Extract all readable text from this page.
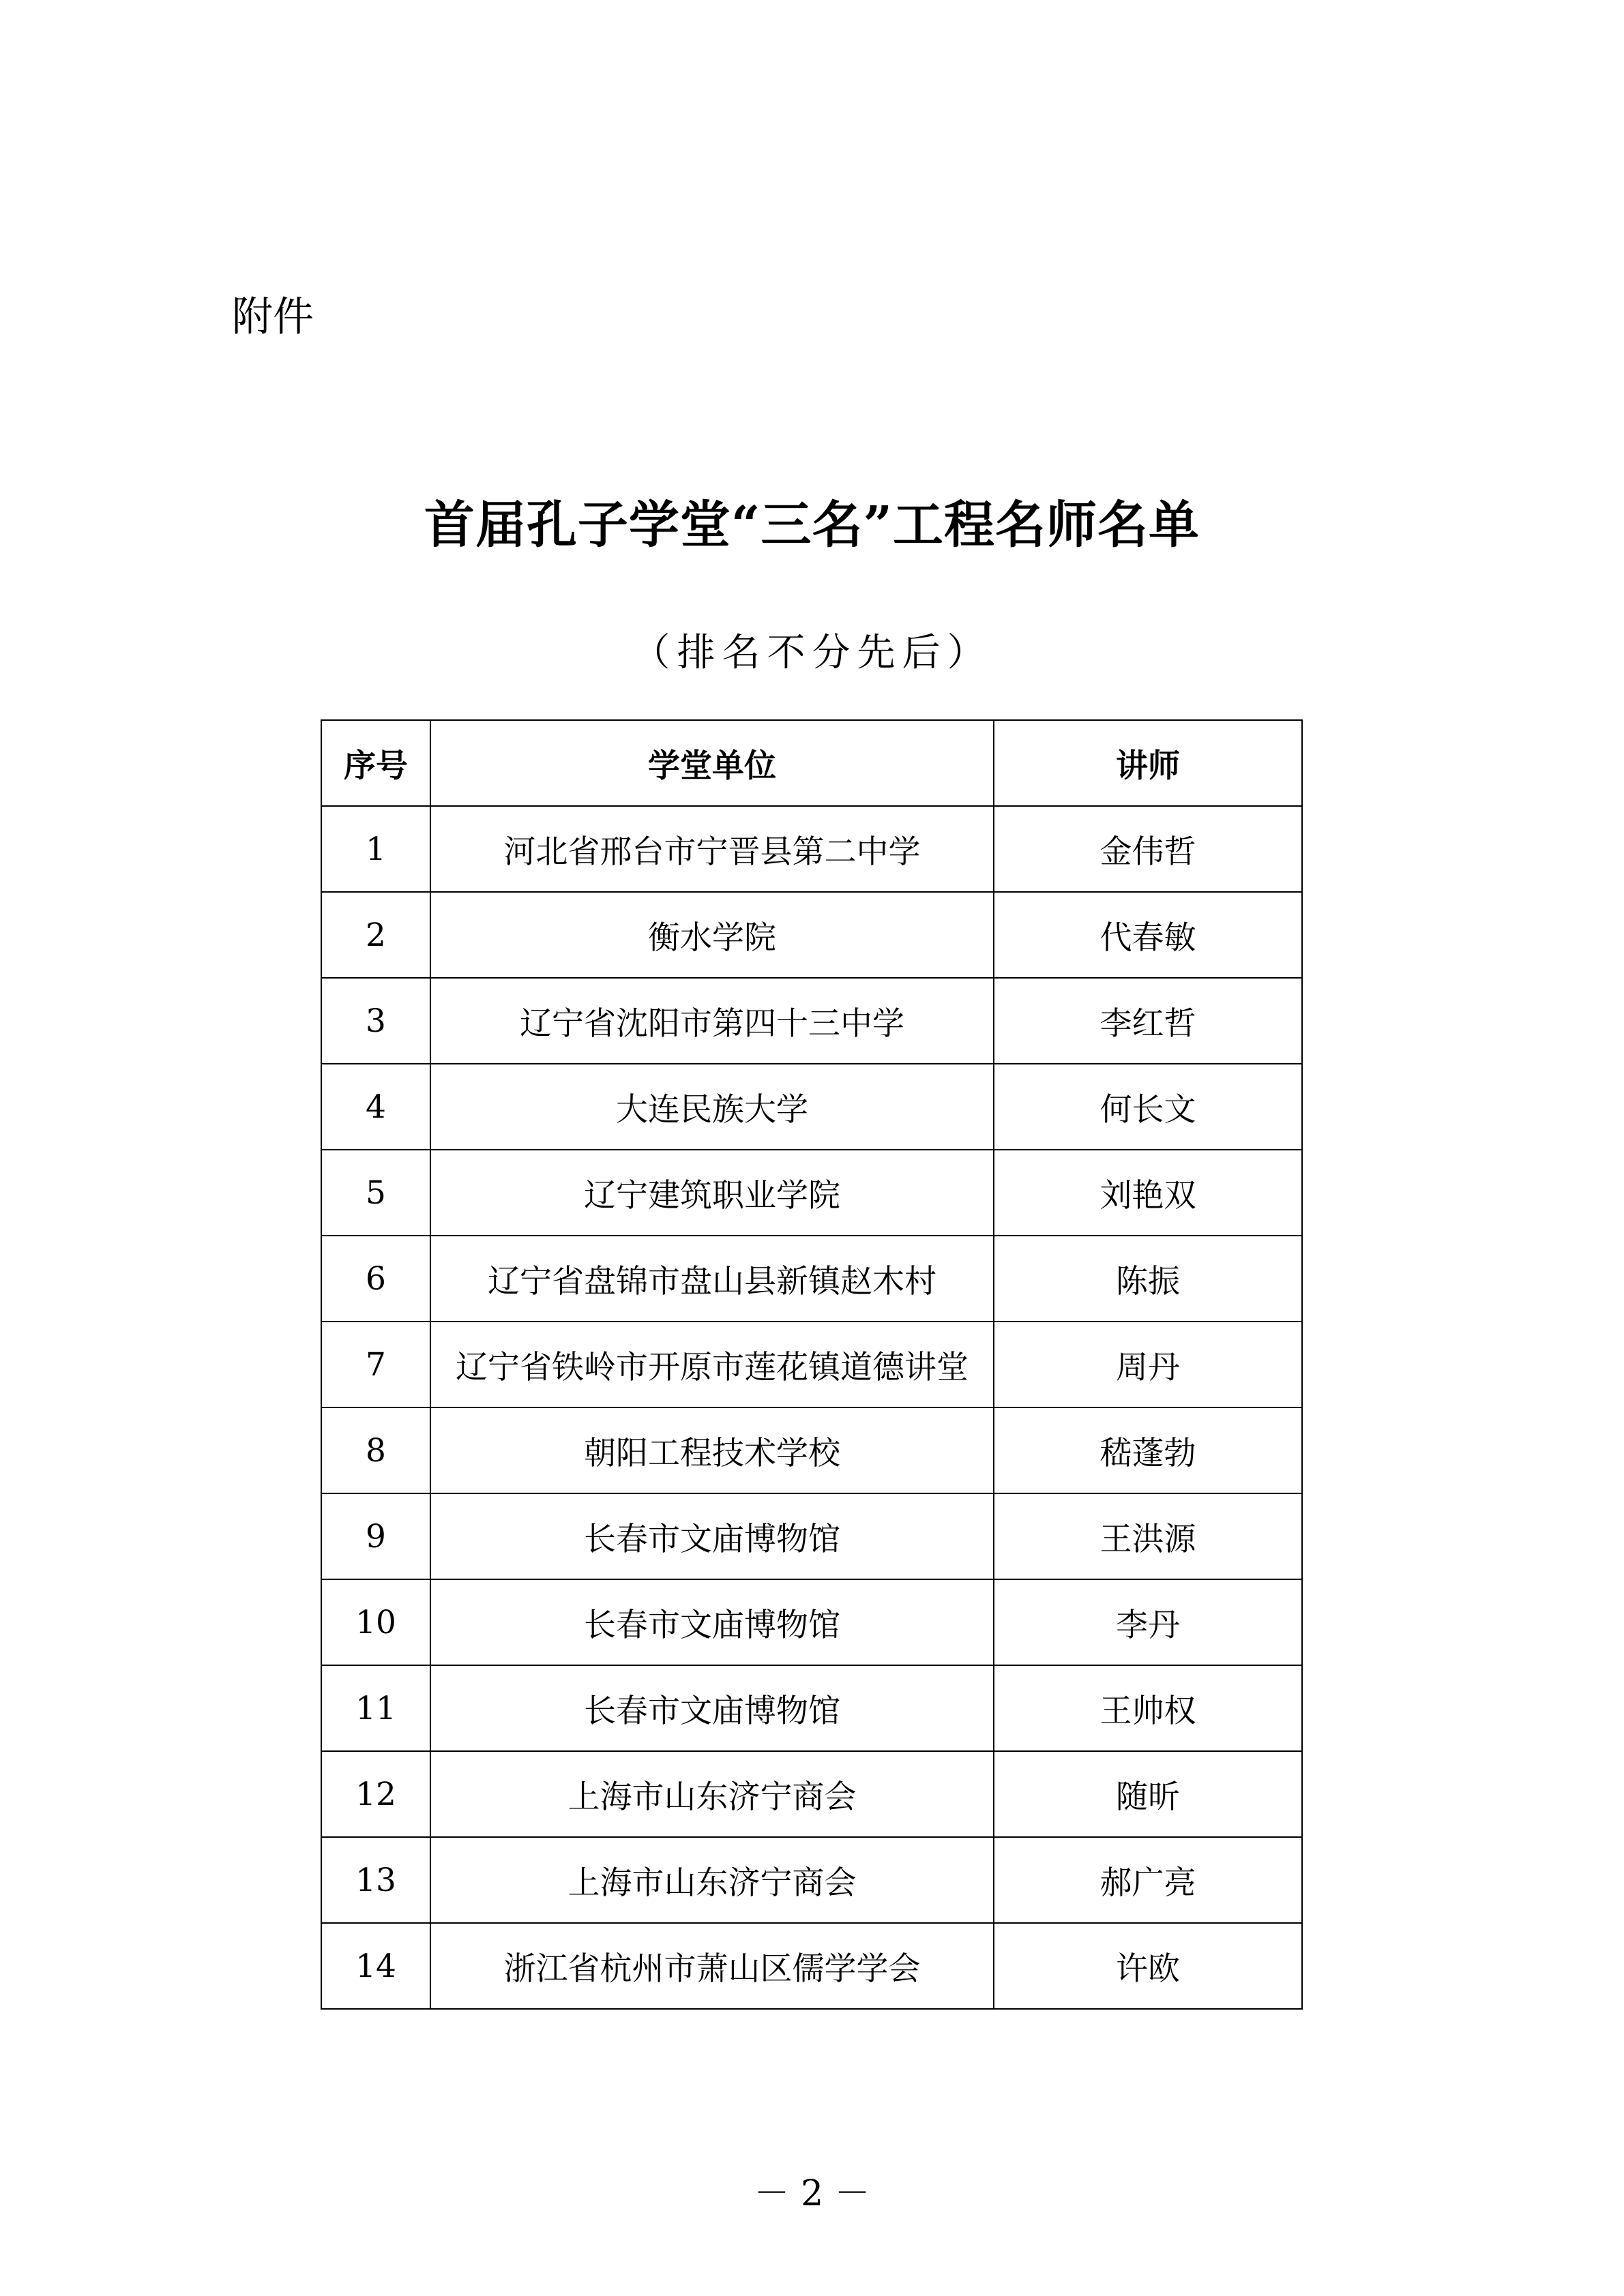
附件
首届孔子学堂“三名”工程名师名单
（排名不分先后）
序号	学堂单位	讲师
1	河北省邢台市宁晋县第二中学	金伟哲
2	衡水学院	代春敏
3	辽宁省沈阳市第四十三中学	李红哲
4	大连民族大学	何长文
5	辽宁建筑职业学院	刘艳双
6	辽宁省盘锦市盘山县新镇赵木村	陈振
7	辽宁省铁岭市开原市莲花镇道德讲堂	周丹
8	朝阳工程技术学校	嵇蓬勃
9	长春市文庙博物馆	王洪源
10	长春市文庙博物馆	李丹
11	长春市文庙博物馆	王帅权
12	上海市山东济宁商会	随昕
13	上海市山东济宁商会	郝广亮
14	浙江省杭州市萧山区儒学学会	许欧
－ 2 －
